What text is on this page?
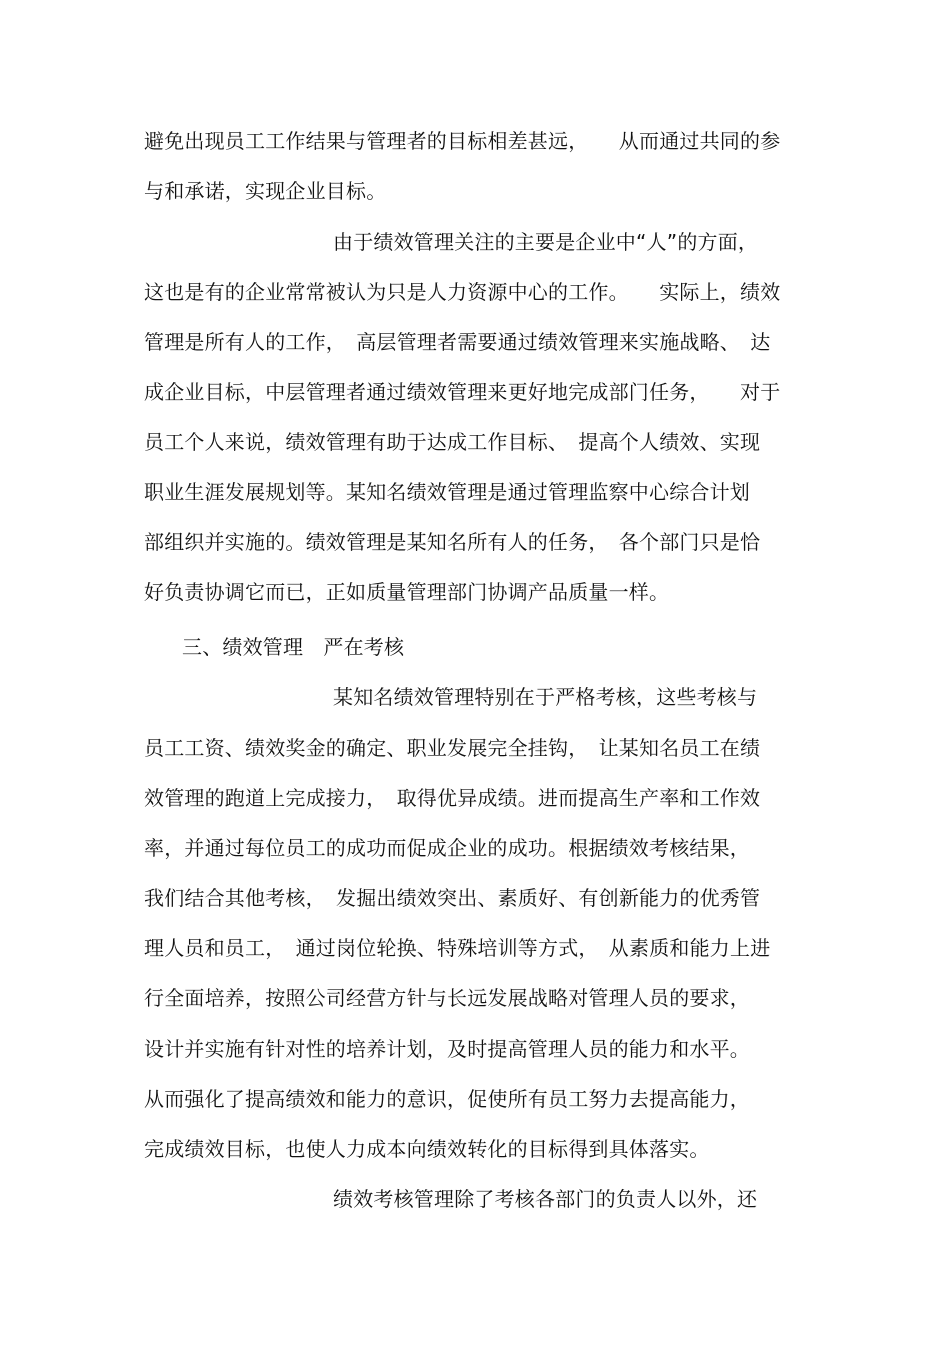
避免出现员工工作结果与管理者的目标相差甚远，　　从而通过共同的参
与和承诺，实现企业目标。
由于绩效管理关注的主要是企业中“人”的方面，
这也是有的企业常常被认为只是人力资源中心的工作。　　实际上，绩效
管理是所有人的工作，　高层管理者需要通过绩效管理来实施战略、　达
成企业目标，中层管理者通过绩效管理来更好地完成部门任务，　　对于
员工个人来说，绩效管理有助于达成工作目标、　提高个人绩效、实现
职业生涯发展规划等。某知名绩效管理是通过管理监察中心综合计划
部组织并实施的。绩效管理是某知名所有人的任务，　各个部门只是恰
好负责协调它而已，正如质量管理部门协调产品质量一样。
三、绩效管理　严在考核
某知名绩效管理特别在于严格考核，这些考核与
员工工资、绩效奖金的确定、职业发展完全挂钩，　让某知名员工在绩
效管理的跑道上完成接力，　取得优异成绩。进而提高生产率和工作效
率，并通过每位员工的成功而促成企业的成功。根据绩效考核结果，
我们结合其他考核，　发掘出绩效突出、素质好、有创新能力的优秀管
理人员和员工，　通过岗位轮换、特殊培训等方式，　从素质和能力上进
行全面培养，按照公司经营方针与长远发展战略对管理人员的要求，
设计并实施有针对性的培养计划，及时提高管理人员的能力和水平。
从而强化了提高绩效和能力的意识，促使所有员工努力去提高能力，
完成绩效目标，也使人力成本向绩效转化的目标得到具体落实。
绩效考核管理除了考核各部门的负责人以外，还
